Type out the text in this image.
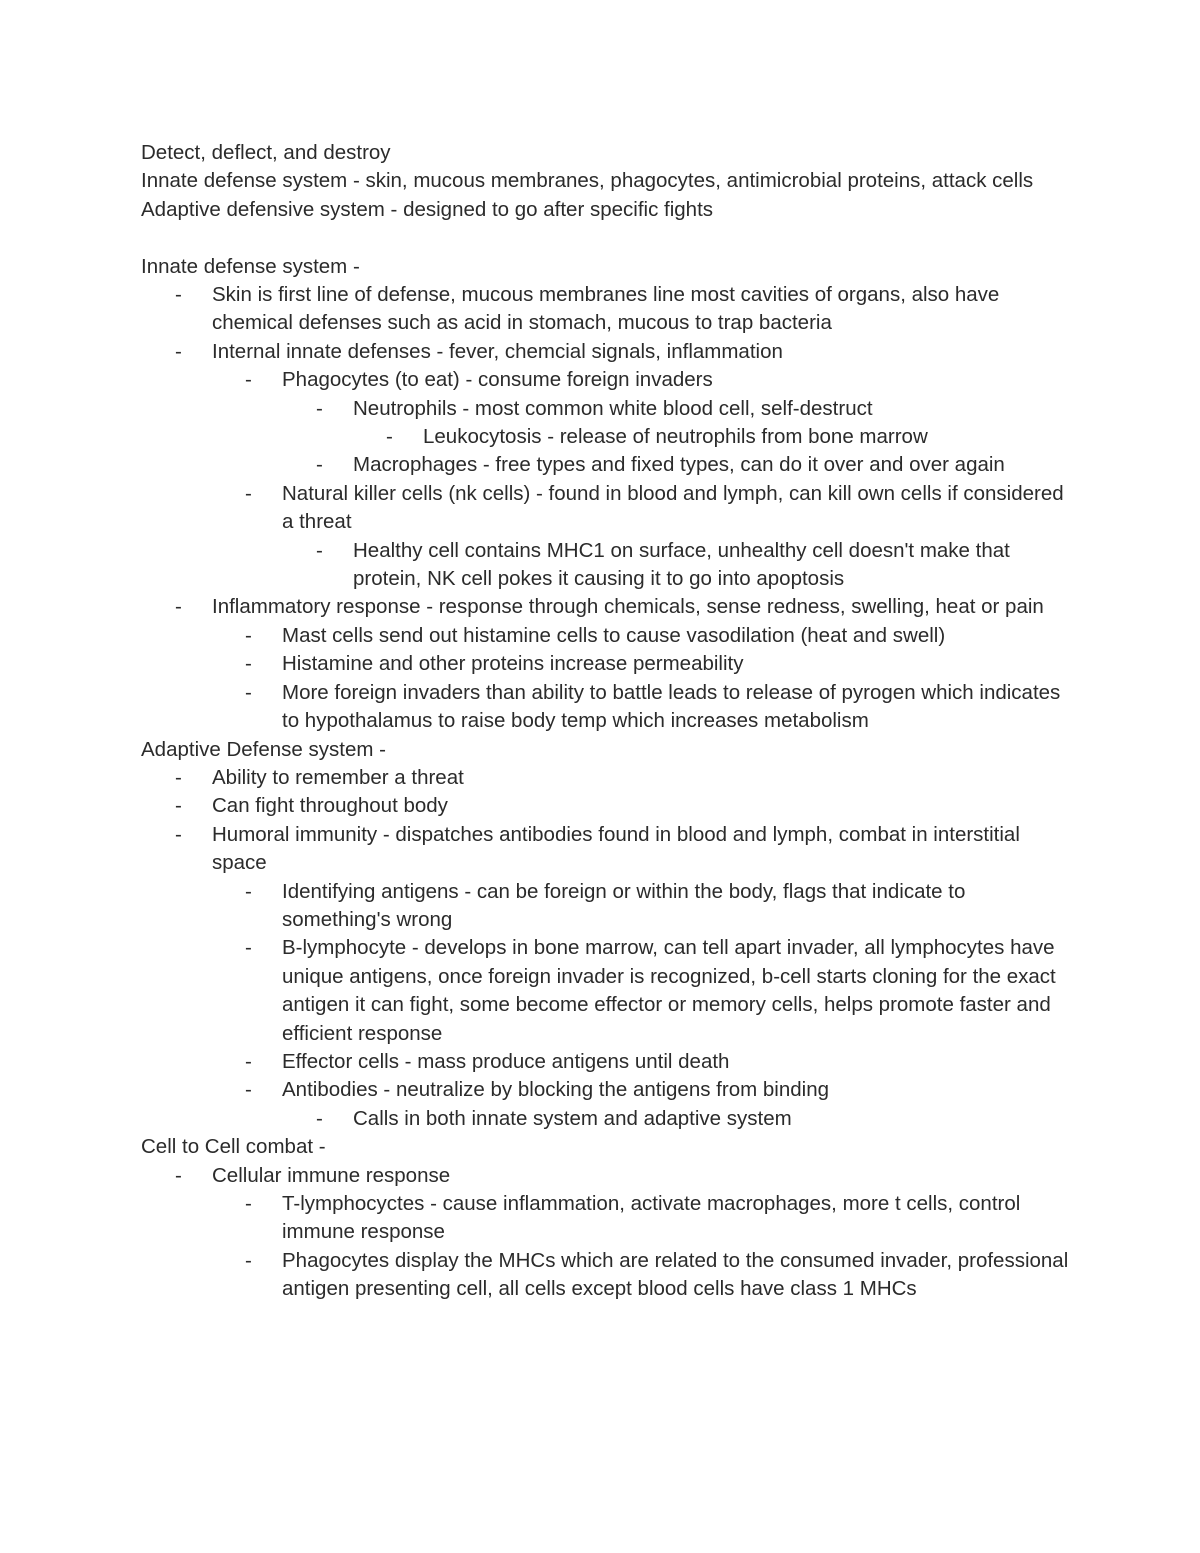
Detect, deflect, and destroy

Innate defense system - skin, mucous membranes, phagocytes, antimicrobial proteins, attack cells

Adaptive defensive system - designed to go after specific fights

Innate defense system -

-	Skin is first line of defense, mucous membranes line most cavities of organs, also have chemical defenses such as acid in stomach, mucous to trap bacteria
-	Internal innate defenses - fever, chemcial signals, inflammation
-	Phagocytes (to eat) - consume foreign invaders
-	Neutrophils - most common white blood cell, self-destruct
-	Leukocytosis - release of neutrophils from bone marrow
-	Macrophages - free types and fixed types, can do it over and over again
-	Natural killer cells (nk cells) - found in blood and lymph, can kill own cells if considered a threat
-	Healthy cell contains MHC1 on surface, unhealthy cell doesn't make that protein, NK cell pokes it causing it to go into apoptosis
-	Inflammatory response - response through chemicals, sense redness, swelling, heat or pain
-	Mast cells send out histamine cells to cause vasodilation (heat and swell)
-	Histamine and other proteins increase permeability
-	More foreign invaders than ability to battle leads to release of pyrogen which indicates to hypothalamus to raise body temp which increases metabolism

Adaptive Defense system -

-	Ability to remember a threat
-	Can fight throughout body
-	Humoral immunity - dispatches antibodies found in blood and lymph, combat in interstitial space
-	Identifying antigens - can be foreign or within the body, flags that indicate to something's wrong
-	B-lymphocyte - develops in bone marrow, can tell apart invader, all lymphocytes have unique antigens, once foreign invader is recognized, b-cell starts cloning for the exact antigen it can fight, some become effector or memory cells, helps promote faster and efficient response
-	Effector cells - mass produce antigens until death
-	Antibodies - neutralize by blocking the antigens from binding
-	Calls in both innate system and adaptive system

Cell to Cell combat -

-	Cellular immune response
-	T-lymphocyctes - cause inflammation, activate macrophages, more t cells, control immune response
-	Phagocytes display the MHCs which are related to the consumed invader, professional antigen presenting cell, all cells except blood cells have class 1 MHCs
